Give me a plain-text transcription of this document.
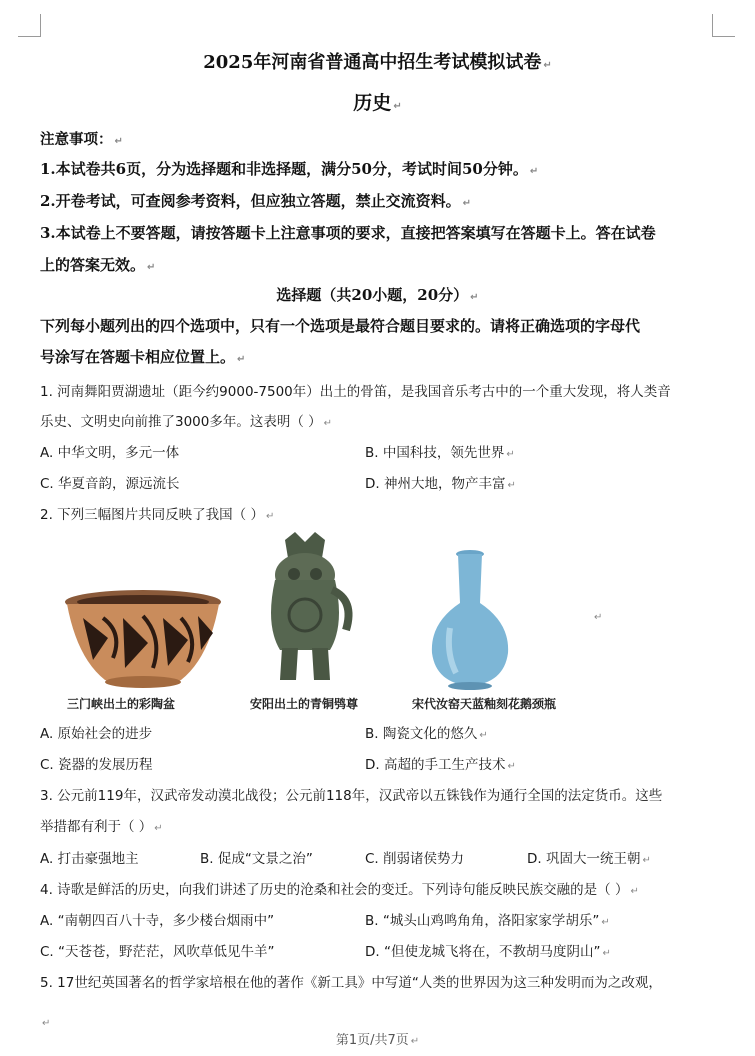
2025年河南省普通高中招生考试模拟试卷 ↵
历史 ↵
注意事项： ↵
1.本试卷共6页，分为选择题和非选择题，满分50分，考试时间50分钟。 ↵
2.开卷考试，可查阅参考资料，但应独立答题，禁止交流资料。 ↵
3.本试卷上不要答题，请按答题卡上注意事项的要求，直接把答案填写在答题卡上。答在试卷
上的答案无效。 ↵
选择题（共20小题，20分） ↵
下列每小题列出的四个选项中，只有一个选项是最符合题目要求的。请将正确选项的字母代
号涂写在答题卡相应位置上。 ↵
1. 河南舞阳贾湖遗址（距今约9000-7500年）出土的骨笛，是我国音乐考古中的一个重大发现，将人类音
乐史、文明史向前推了3000多年。这表明（ ） ↵
A. 中华文明，多元一体	B. 中国科技，领先世界 ↵
C. 华夏音韵，源远流长	D. 神州大地，物产丰富 ↵
2. 下列三幅图片共同反映了我国（ ） ↵
三门峡出土的彩陶盆	安阳出土的青铜鸮尊	宋代汝窑天蓝釉刻花鹅颈瓶
↵
A. 原始社会的进步	B. 陶瓷文化的悠久 ↵
C. 瓷器的发展历程	D. 高超的手工生产技术 ↵
3. 公元前119年，汉武帝发动漠北战役；公元前118年，汉武帝以五铢钱作为通行全国的法定货币。这些
举措都有利于（ ） ↵
A. 打击豪强地主	B. 促成“文景之治”	C. 削弱诸侯势力	D. 巩固大一统王朝 ↵
4. 诗歌是鲜活的历史，向我们讲述了历史的沧桑和社会的变迁。下列诗句能反映民族交融的是（ ） ↵
A. “南朝四百八十寺，多少楼台烟雨中”	B. “城头山鸡鸣角角，洛阳家家学胡乐” ↵
C. “天苍苍，野茫茫，风吹草低见牛羊”	D. “但使龙城飞将在，不教胡马度阴山” ↵
5. 17世纪英国著名的哲学家培根在他的著作《新工具》中写道“人类的世界因为这三种发明而为之改观，
第1页/共7页 ↵
↵
